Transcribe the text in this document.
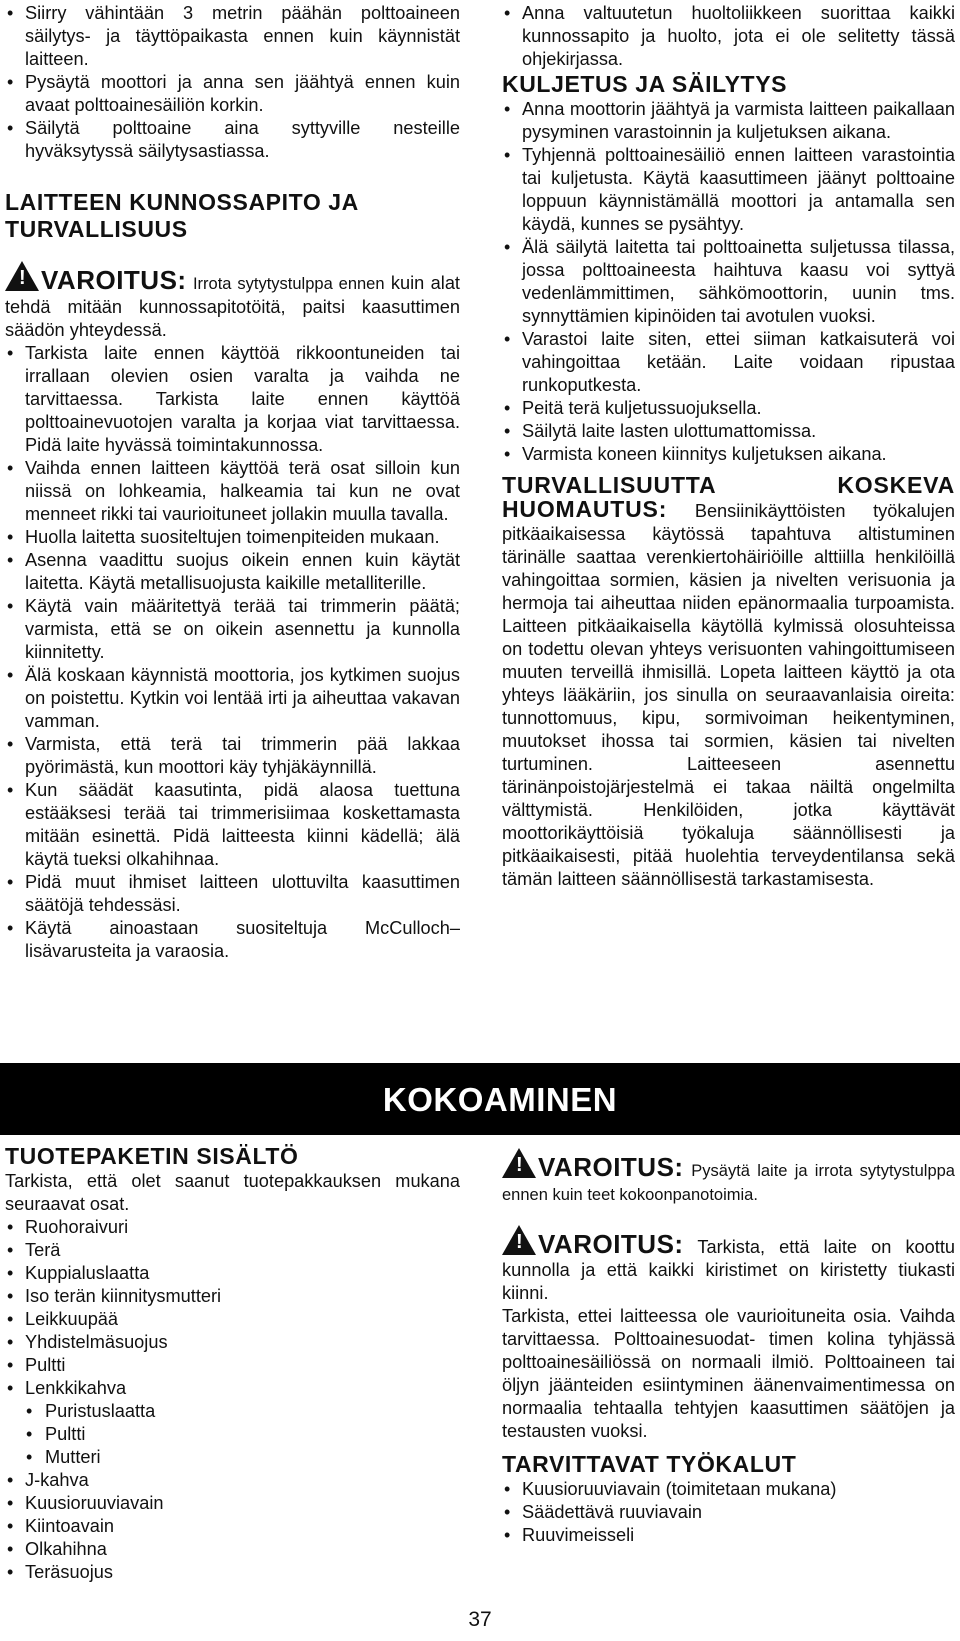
• Siirry vähintään 3 metrin päähän polttoaineen säilytys- ja täyttöpaikasta ennen kuin käynnistät laitteen.
• Pysäytä moottori ja anna sen jäähtyä ennen kuin avaat polttoainesäiliön korkin.
• Säilytä polttoaine aina syttyville nesteille hyväksytyssä säilytysastiassa.
LAITTEEN KUNNOSSAPITO JA TURVALLISUUS

! VAROITUS: Irrota sytytystulppa ennen kuin alat tehdä mitään kunnossapitotöitä, paitsi kaasuttimen säädön yhteydessä.

• Tarkista laite ennen käyttöä rikkoontuneiden tai irrallaan olevien osien varalta ja vaihda ne tarvittaessa. Tarkista laite ennen käyttöä polttoainevuotojen varalta ja korjaa viat tarvittaessa. Pidä laite hyvässä toimintakunnossa.
• Vaihda ennen laitteen käyttöä terä osat silloin kun niissä on lohkeamia, halkeamia tai kun ne ovat menneet rikki tai vaurioituneet jollakin muulla tavalla.
• Huolla laitetta suositeltujen toimenpiteiden mukaan.
• Asenna vaadittu suojus oikein ennen kuin käytät laitetta. Käytä metallisuojusta kaikille metalliterille.
• Käytä vain määritettyä terää tai trimmerin päätä; varmista, että se on oikein asennettu ja kunnolla kiinnitetty.
• Älä koskaan käynnistä moottoria, jos kytkimen suojus on poistettu. Kytkin voi lentää irti ja aiheuttaa vakavan vamman.
• Varmista, että terä tai trimmerin pää lakkaa pyörimästä, kun moottori käy tyhjäkäynnillä.
• Kun säädät kaasutinta, pidä alaosa tuettuna estääksesi terää tai trimmerisiimaa koskettamasta mitään esinettä. Pidä laitteesta kiinni kädellä; älä käytä tueksi olkahihnaa.
• Pidä muut ihmiset laitteen ulottuvilta kaasuttimen säätöjä tehdessäsi.
• Käytä ainoastaan suositeltuja McCulloch–lisävarusteita ja varaosia.
• Anna valtuutetun huoltoliikkeen suorittaa kaikki kunnossapito ja huolto, jota ei ole selitetty tässä ohjekirjassa.
KULJETUS JA SÄILYTYS
• Anna moottorin jäähtyä ja varmista laitteen paikallaan pysyminen varastoinnin ja kuljetuksen aikana.
• Tyhjennä polttoainesäiliö ennen laitteen varastointia tai kuljetusta. Käytä kaasuttimeen jäänyt polttoaine loppuun käynnistämällä moottori ja antamalla sen käydä, kunnes se pysähtyy.
• Älä säilytä laitetta tai polttoainetta suljetussa tilassa, jossa polttoaineesta haihtuva kaasu voi syttyä vedenlämmittimen, sähkömoottorin, uunin tms. synnyttämien kipinöiden tai avotulen vuoksi.
• Varastoi laite siten, ettei siiman katkaisuterä voi vahingoittaa ketään. Laite voidaan ripustaa runkoputkesta.
• Peitä terä kuljetussuojuksella.
• Säilytä laite lasten ulottumattomissa.
• Varmista koneen kiinnitys kuljetuksen aikana.
TURVALLISUUTTA	KOSKEVA

HUOMAUTUS: Bensiinikäyttöisten työkalujen pitkäaikaisessa käytössä tapahtuva altistuminen tärinälle saattaa verenkiertohäiriöille alttiilla henkilöillä vahingoittaa sormien, käsien ja nivelten verisuonia ja hermoja tai aiheuttaa niiden epänormaalia turpoamista. Laitteen pitkäaikaisella käytöllä kylmissä olosuhteissa on todettu olevan yhteys verisuonten vahingoittumiseen muuten terveillä ihmisillä. Lopeta laitteen käyttö ja ota yhteys lääkäriin, jos sinulla on seuraavanlaisia oireita: tunnottomuus, kipu, sormivoiman heikentyminen, muutokset ihossa tai sormien, käsien tai nivelten turtuminen. Laitteeseen asennettu tärinänpoistojärjestelmä ei takaa näiltä ongelmilta välttymistä. Henkilöiden, jotka käyttävät moottorikäyttöisiä työkaluja säännöllisesti ja pitkäaikaisesti, pitää huolehtia terveydentilansa sekä tämän laitteen säännöllisestä tarkastamisesta.

KOKOAMINEN
TUOTEPAKETIN SISÄLTÖ

Tarkista, että olet saanut tuotepakkauksen mukana seuraavat osat.

• Ruohoraivuri
• Terä
• Kuppialuslaatta
• Iso terän kiinnitysmutteri
• Leikkuupää
• Yhdistelmäsuojus
• Pultti
• Lenkkikahva
• Puristuslaatta
• Pultti
• Mutteri
• J-kahva
• Kuusioruuviavain
• Kiintoavain
• Olkahihna
• Teräsuojus

! VAROITUS: Pysäytä laite ja irrota sytytystulppa ennen kuin teet kokoonpanotoimia.

! VAROITUS: Tarkista, että laite on koottu kunnolla ja että kaikki kiristimet on kiristetty tiukasti kiinni.

Tarkista, ettei laitteessa ole vaurioituneita osia. Vaihda tarvittaessa. Polttoainesuodat- timen kolina tyhjässä polttoainesäiliössä on normaali ilmiö. Polttoaineen tai öljyn jäänteiden esiintyminen äänenvaimentimessa on normaalia tehtaalla tehtyjen kaasuttimen säätöjen ja testausten vuoksi.

TARVITTAVAT TYÖKALUT
• Kuusioruuviavain (toimitetaan mukana)
• Säädettävä ruuviavain
• Ruuvimeisseli
37
